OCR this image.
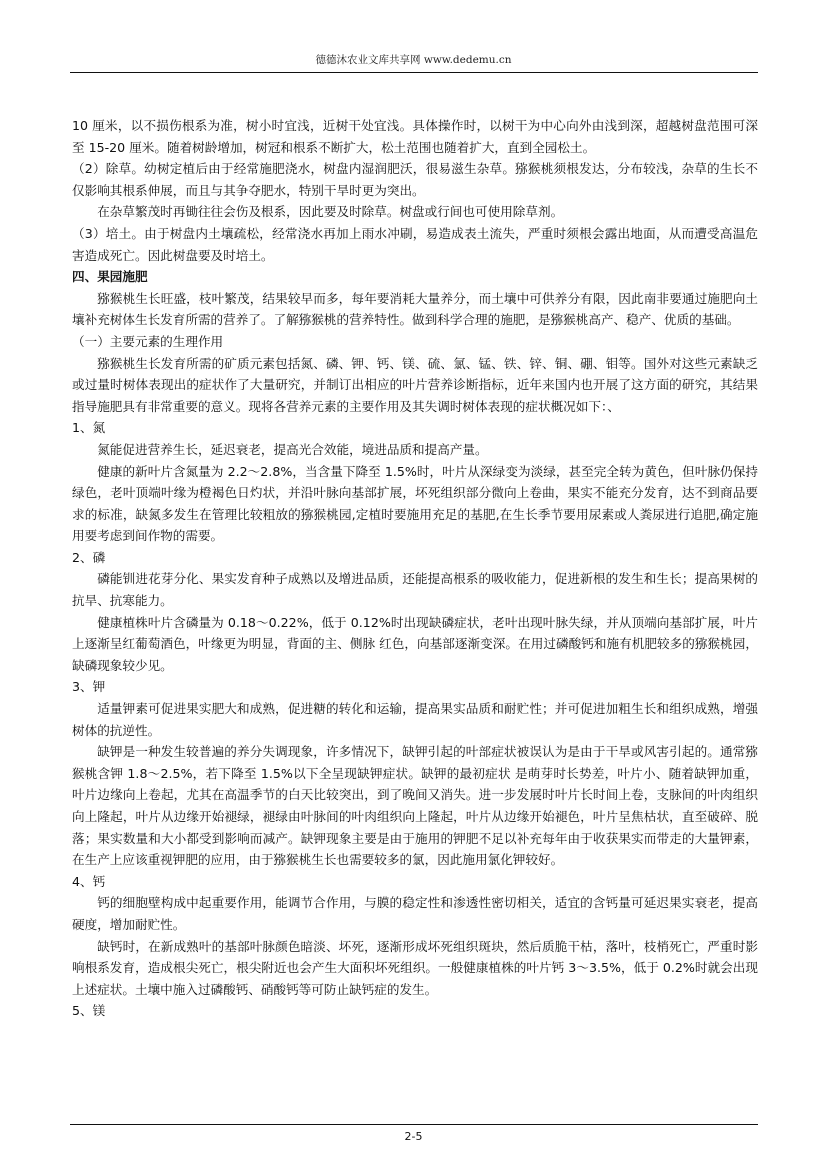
德德沐农业文库共享网 www.dedemu.cn

10 厘米，以不损伤根系为准，树小时宜浅，近树干处宜浅。具体操作时，以树干为中心向外由浅到深，超越树盘范围可深至 15-20 厘米。随着树龄增加，树冠和根系不断扩大，松土范围也随着扩大，直到全园松土。

（2）除草。幼树定植后由于经常施肥浇水，树盘内湿润肥沃，很易滋生杂草。猕猴桃须根发达，分布较浅，杂草的生长不仅影响其根系伸展，而且与其争夺肥水，特别干旱时更为突出。

在杂草繁茂时再锄往往会伤及根系，因此要及时除草。树盘或行间也可使用除草剂。

（3）培土。由于树盘内土壤疏松，经常浇水再加上雨水冲刷，易造成表土流失，严重时须根会露出地面，从而遭受高温危害造成死亡。因此树盘要及时培土。

四、果园施肥

猕猴桃生长旺盛，枝叶繁茂，结果较早而多，每年要消耗大量养分，而土壤中可供养分有限，因此南非要通过施肥向土壤补充树体生长发育所需的营养了。了解猕猴桃的营养特性。做到科学合理的施肥，是猕猴桃高产、稳产、优质的基础。

（一）主要元素的生理作用

猕猴桃生长发育所需的矿质元素包括氮、磷、钾、钙、镁、硫、氯、锰、铁、锌、铜、硼、钼等。国外对这些元素缺乏或过量时树体表现出的症状作了大量研究，并制订出相应的叶片营养诊断指标，近年来国内也开展了这方面的研究，其结果指导施肥具有非常重要的意义。现将各营养元素的主要作用及其失调时树体表现的症状概况如下：、

1、氮

氮能促进营养生长，延迟衰老，提高光合效能，境进品质和提高产量。

健康的新叶片含氮量为 2.2～2.8%，当含量下降至 1.5%时，叶片从深绿变为淡绿，甚至完全转为黄色，但叶脉仍保持绿色，老叶顶端叶缘为橙褐色日灼状，并沿叶脉向基部扩展，坏死组织部分微向上卷曲，果实不能充分发育，达不到商品要求的标准，缺氮多发生在管理比较粗放的猕猴桃园,定植时要施用充足的基肥,在生长季节要用尿素或人粪尿进行追肥,确定施用要考虑到间作物的需要。

2、磷

磷能钏进花芽分化、果实发育种子成熟以及增进品质，还能提高根系的吸收能力，促进新根的发生和生长；提高果树的抗旱、抗寒能力。

健康植株叶片含磷量为 0.18～0.22%，低于 0.12%时出现缺磷症状，老叶出现叶脉失绿，并从顶端向基部扩展，叶片上逐渐呈红葡萄酒色，叶缘更为明显，背面的主、侧脉 红色，向基部逐渐变深。在用过磷酸钙和施有机肥较多的猕猴桃园，缺磷现象较少见。

3、钾

适量钾素可促进果实肥大和成熟，促进糖的转化和运输，提高果实品质和耐贮性；并可促进加粗生长和组织成熟，增强树体的抗逆性。

缺钾是一种发生较普遍的养分失调现象，许多情况下，缺钾引起的叶部症状被误认为是由于干旱或风害引起的。通常猕猴桃含钾 1.8～2.5%，若下降至 1.5%以下全呈现缺钾症状。缺钾的最初症状 是萌芽时长势差，叶片小、随着缺钾加重，叶片边缘向上卷起，尤其在高温季节的白天比较突出，到了晚间又消失。进一步发展时叶片长时间上卷，支脉间的叶肉组织向上隆起，叶片从边缘开始褪绿，褪绿由叶脉间的叶肉组织向上隆起，叶片从边缘开始褪色，叶片呈焦枯状，直至破碎、脱落；果实数量和大小都受到影响而减产。缺钾现象主要是由于施用的钾肥不足以补充每年由于收获果实而带走的大量钾素，在生产上应该重视钾肥的应用，由于猕猴桃生长也需要较多的氯，因此施用氯化钾较好。

4、钙

钙的细胞壁构成中起重要作用，能调节合作用，与膜的稳定性和渗透性密切相关，适宜的含钙量可延迟果实衰老，提高硬度，增加耐贮性。

缺钙时，在新成熟叶的基部叶脉颜色暗淡、坏死，逐渐形成坏死组织斑块，然后质脆干枯，落叶，枝梢死亡，严重时影响根系发育，造成根尖死亡，根尖附近也会产生大面积坏死组织。一般健康植株的叶片钙 3～3.5%，低于 0.2%时就会出现上述症状。土壤中施入过磷酸钙、硝酸钙等可防止缺钙症的发生。

5、镁

2-5
